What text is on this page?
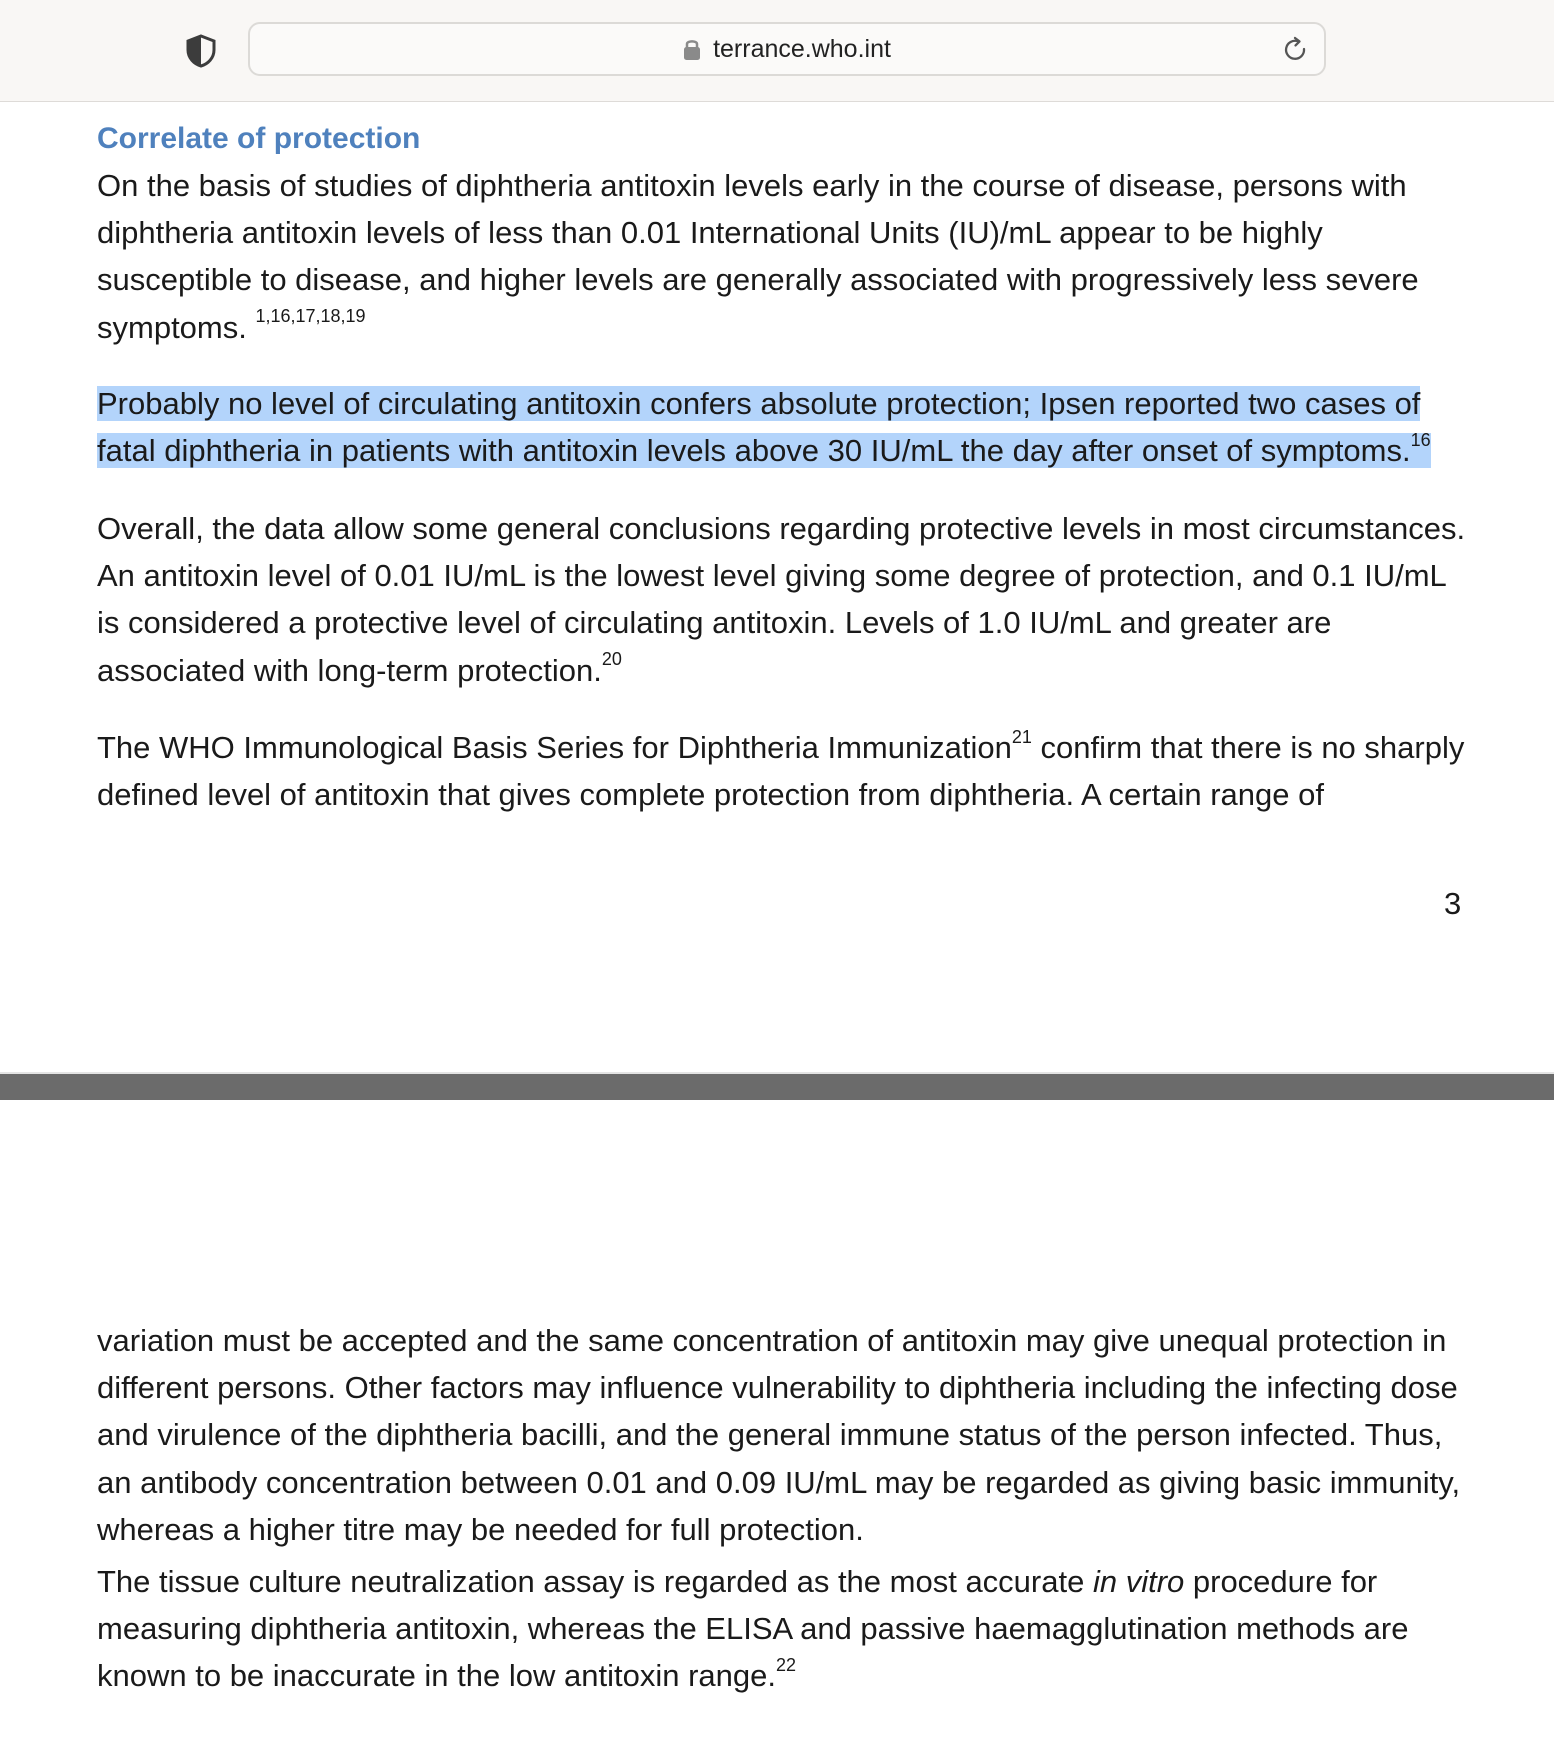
terrance.who.int
Correlate of protection

On the basis of studies of diphtheria antitoxin levels early in the course of disease, persons with diphtheria antitoxin levels of less than 0.01 International Units (IU)/mL appear to be highly susceptible to disease, and higher levels are generally associated with progressively less severe symptoms. $^{1,16,17,18,19}$

Probably no level of circulating antitoxin confers absolute protection; Ipsen reported two cases of fatal diphtheria in patients with antitoxin levels above 30 IU/mL the day after onset of symptoms.$^{16}$

Overall, the data allow some general conclusions regarding protective levels in most circumstances. An antitoxin level of 0.01 IU/mL is the lowest level giving some degree of protection, and 0.1 IU/mL is considered a protective level of circulating antitoxin. Levels of 1.0 IU/mL and greater are associated with long-term protection.$^{20}$

The WHO Immunological Basis Series for Diphtheria Immunization$^{21}$ confirm that there is no sharply defined level of antitoxin that gives complete protection from diphtheria. A certain range of

3

variation must be accepted and the same concentration of antitoxin may give unequal protection in different persons. Other factors may influence vulnerability to diphtheria including the infecting dose and virulence of the diphtheria bacilli, and the general immune status of the person infected. Thus, an antibody concentration between 0.01 and 0.09 IU/mL may be regarded as giving basic immunity, whereas a higher titre may be needed for full protection.

The tissue culture neutralization assay is regarded as the most accurate in vitro procedure for measuring diphtheria antitoxin, whereas the ELISA and passive haemagglutination methods are known to be inaccurate in the low antitoxin range.$^{22}$
